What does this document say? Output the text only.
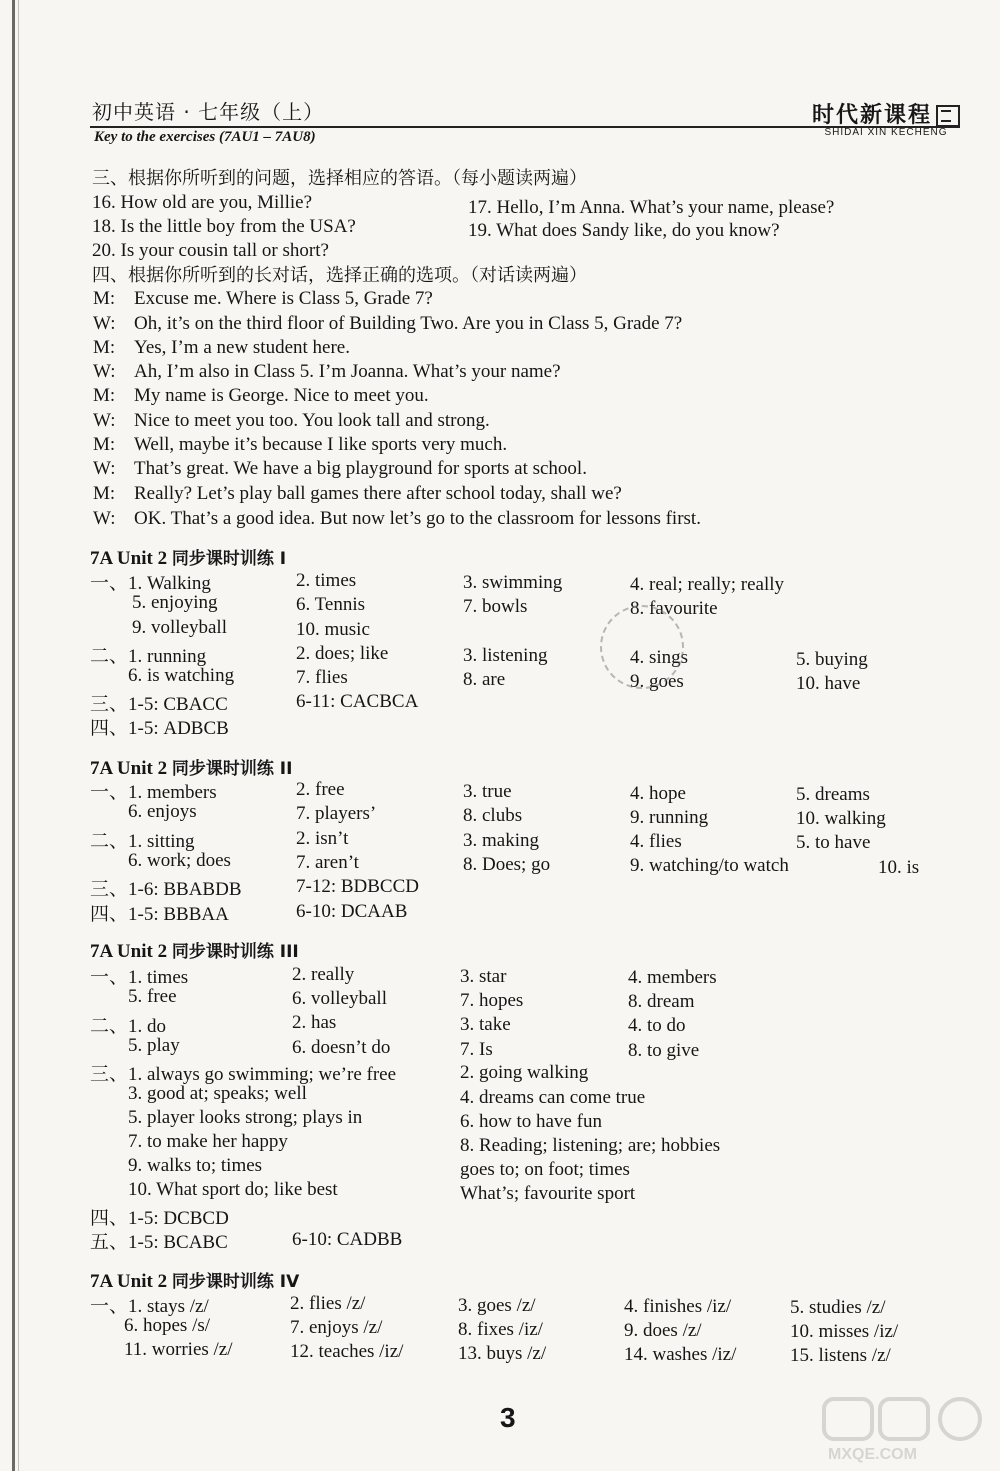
初中英语 · 七年级（上）
Key to the exercises (7AU1 – 7AU8)
时代新课程
SHIDAI XIN KECHENG
三、根据你所听到的问题，选择相应的答语。（每小题读两遍）
16. How old are you, Millie?	17. Hello, I’m Anna. What’s your name, please?
18. Is the little boy from the USA?	19. What does Sandy like, do you know?
20. Is your cousin tall or short?
四、根据你所听到的长对话，选择正确的选项。（对话读两遍）
M: Excuse me. Where is Class 5, Grade 7?
W: Oh, it’s on the third floor of Building Two. Are you in Class 5, Grade 7?
M: Yes, I’m a new student here.
W: Ah, I’m also in Class 5. I’m Joanna. What’s your name?
M: My name is George. Nice to meet you.
W: Nice to meet you too. You look tall and strong.
M: Well, maybe it’s because I like sports very much.
W: That’s great. We have a big playground for sports at school.
M: Really? Let’s play ball games there after school today, shall we?
W: OK. That’s a good idea. But now let’s go to the classroom for lessons first.
7A Unit 2 同步课时训练 I
一、1. Walking	2. times	3. swimming	4. real; really; really
5. enjoying	6. Tennis	7. bowls	8. favourite
9. volleyball	10. music
二、1. running	2. does; like	3. listening	4. sings	5. buying
6. is watching	7. flies	8. are	9. goes	10. have
三、1-5: CBACC	6-11: CACBCA
四、1-5: ADBCB
7A Unit 2 同步课时训练 II
一、1. members	2. free	3. true	4. hope	5. dreams
6. enjoys	7. players’	8. clubs	9. running	10. walking
二、1. sitting	2. isn’t	3. making	4. flies	5. to have
6. work; does	7. aren’t	8. Does; go	9. watching/to watch	10. is
三、1-6: BBABDB	7-12: BDBCCD
四、1-5: BBBAA	6-10: DCAAB
7A Unit 2 同步课时训练 III
一、1. times	2. really	3. star	4. members
5. free	6. volleyball	7. hopes	8. dream
二、1. do	2. has	3. take	4. to do
5. play	6. doesn’t do	7. Is	8. to give
三、1. always go swimming; we’re free	2. going walking
3. good at; speaks; well	4. dreams can come true
5. player looks strong; plays in	6. how to have fun
7. to make her happy	8. Reading; listening; are; hobbies
9. walks to; times	goes to; on foot; times
10. What sport do; like best	What’s; favourite sport
四、1-5: DCBCD
五、1-5: BCABC	6-10: CADBB
7A Unit 2 同步课时训练 IV
一、1. stays /z/	2. flies /z/	3. goes /z/	4. finishes /iz/	5. studies /z/
6. hopes /s/	7. enjoys /z/	8. fixes /iz/	9. does /z/	10. misses /iz/
11. worries /z/	12. teaches /iz/	13. buys /z/	14. washes /iz/	15. listens /z/
3
MXQE.COM
